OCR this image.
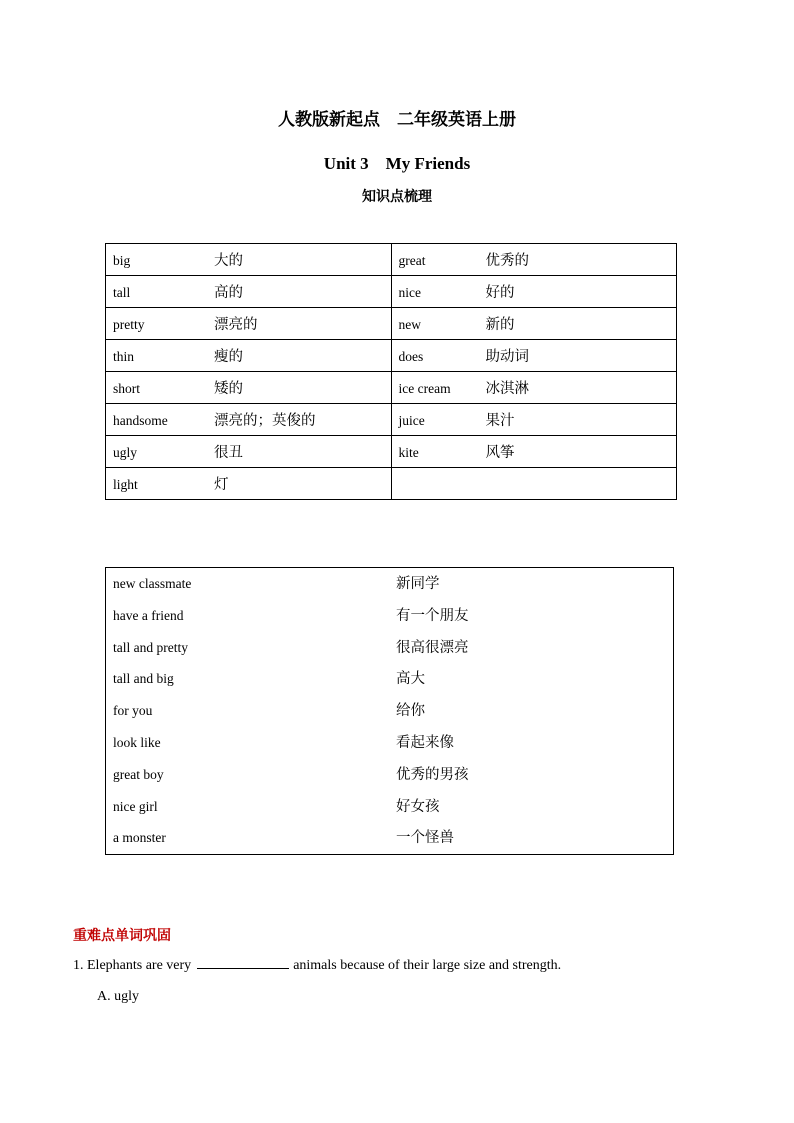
人教版新起点　二年级英语上册
Unit 3　My Friends
知识点梳理
big 大的	great 优秀的
tall 高的	nice 好的
pretty 漂亮的	new 新的
thin 瘦的	does 助动词
short 矮的	ice cream 冰淇淋
handsome 漂亮的；英俊的	juice 果汁
ugly 很丑	kite 风筝
light 灯	
new classmate	新同学
have a friend	有一个朋友
tall and pretty	很高很漂亮
tall and big	高大
for you	给你
look like	看起来像
great boy	优秀的男孩
nice girl	好女孩
a monster	一个怪兽
重难点单词巩固
1. Elephants are very	animals because of their large size and strength.
A. ugly
